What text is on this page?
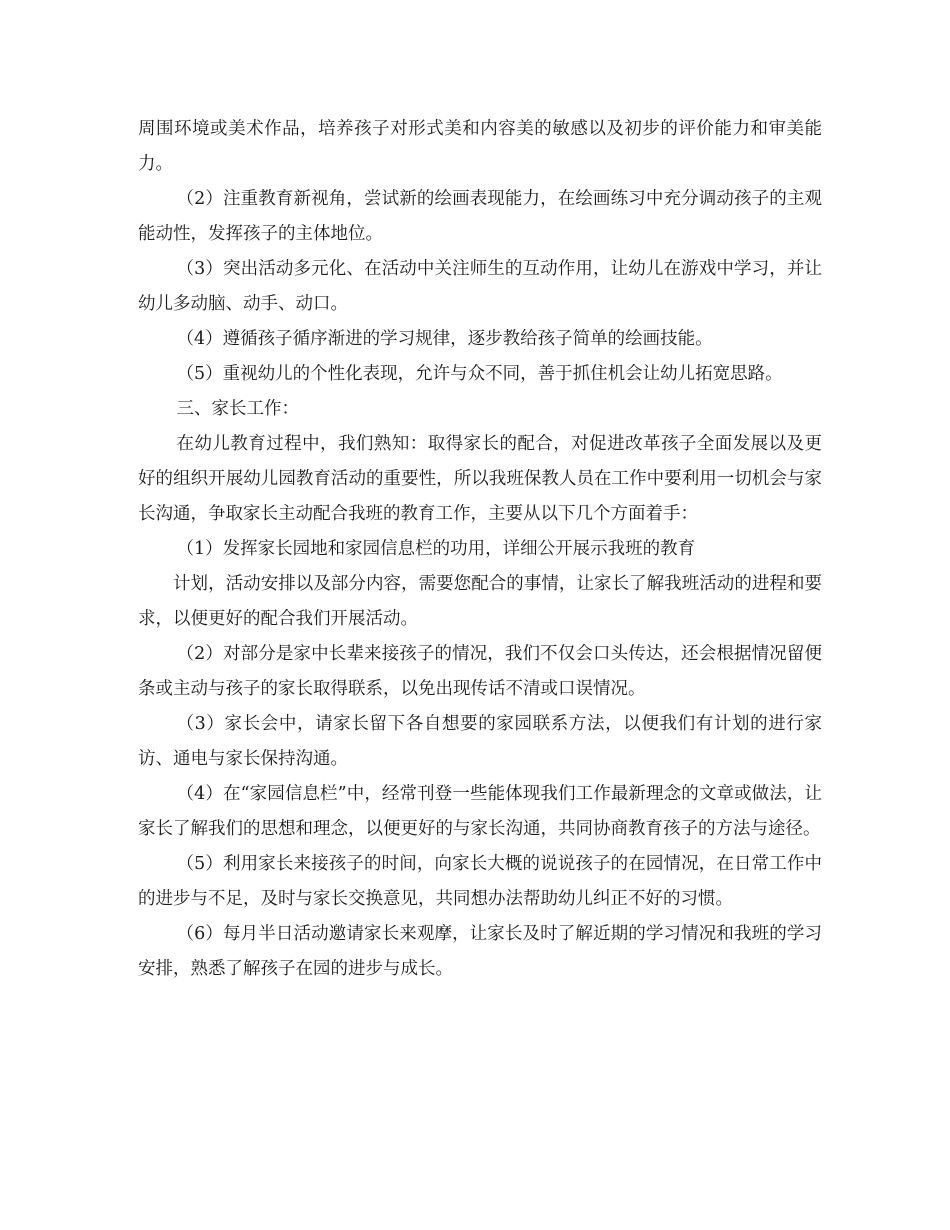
周围环境或美术作品，培养孩子对形式美和内容美的敏感以及初步的评价能力和审美能力。

（2）注重教育新视角，尝试新的绘画表现能力，在绘画练习中充分调动孩子的主观能动性，发挥孩子的主体地位。

（3）突出活动多元化、在活动中关注师生的互动作用，让幼儿在游戏中学习，并让幼儿多动脑、动手、动口。

（4）遵循孩子循序渐进的学习规律，逐步教给孩子简单的绘画技能。

（5）重视幼儿的个性化表现，允许与众不同，善于抓住机会让幼儿拓宽思路。

三、家长工作：

在幼儿教育过程中，我们熟知：取得家长的配合，对促进改革孩子全面发展以及更好的组织开展幼儿园教育活动的重要性，所以我班保教人员在工作中要利用一切机会与家长沟通，争取家长主动配合我班的教育工作，主要从以下几个方面着手：

（1）发挥家长园地和家园信息栏的功用，详细公开展示我班的教育

计划，活动安排以及部分内容，需要您配合的事情，让家长了解我班活动的进程和要求，以便更好的配合我们开展活动。

（2）对部分是家中长辈来接孩子的情况，我们不仅会口头传达，还会根据情况留便条或主动与孩子的家长取得联系，以免出现传话不清或口误情况。

（3）家长会中，请家长留下各自想要的家园联系方法，以便我们有计划的进行家访、通电与家长保持沟通。

（4）在“家园信息栏”中，经常刊登一些能体现我们工作最新理念的文章或做法，让家长了解我们的思想和理念，以便更好的与家长沟通，共同协商教育孩子的方法与途径。

（5）利用家长来接孩子的时间，向家长大概的说说孩子的在园情况，在日常工作中的进步与不足，及时与家长交换意见，共同想办法帮助幼儿纠正不好的习惯。

（6）每月半日活动邀请家长来观摩，让家长及时了解近期的学习情况和我班的学习安排，熟悉了解孩子在园的进步与成长。
